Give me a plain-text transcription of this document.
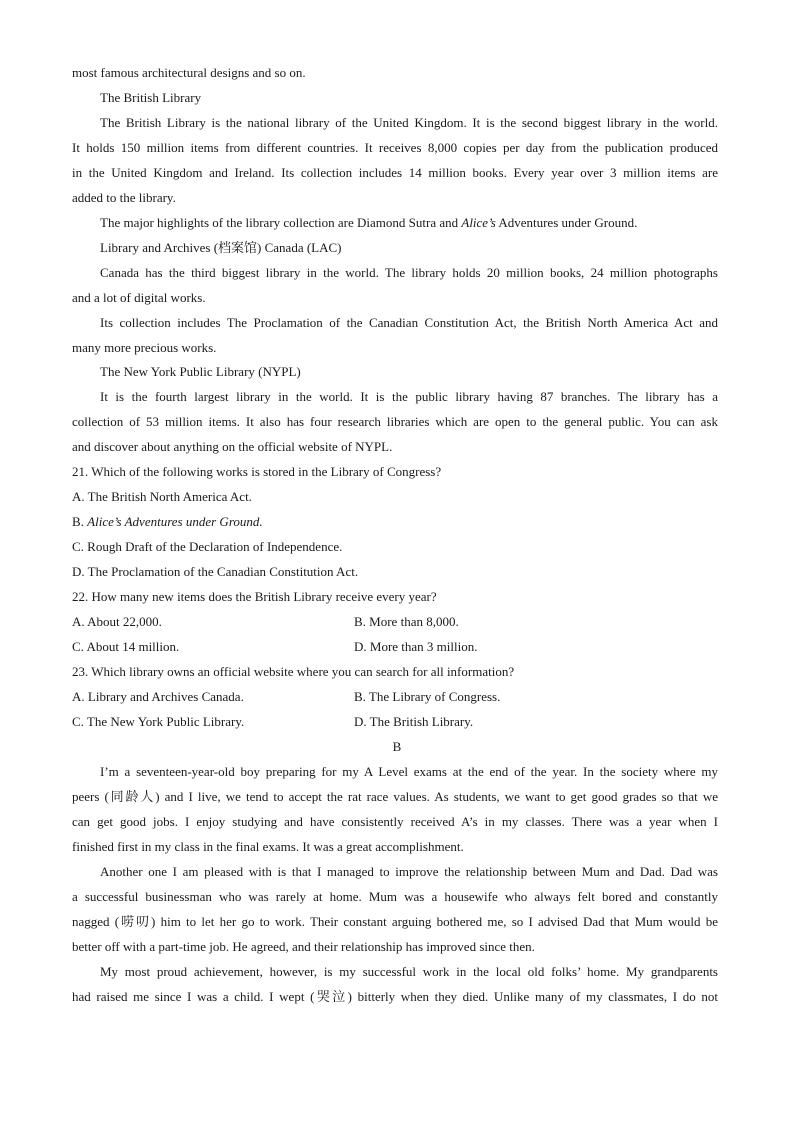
most famous architectural designs and so on.
The British Library
The British Library is the national library of the United Kingdom. It is the second biggest library in the world.
It holds 150 million items from different countries. It receives 8,000 copies per day from the publication produced
in the United Kingdom and Ireland. Its collection includes 14 million books. Every year over 3 million items are
added to the library.
The major highlights of the library collection are Diamond Sutra and Alice’s Adventures under Ground.
Library and Archives (档案馆) Canada (LAC)
Canada has the third biggest library in the world. The library holds 20 million books, 24 million photographs
and a lot of digital works.
Its collection includes The Proclamation of the Canadian Constitution Act, the British North America Act and
many more precious works.
The New York Public Library (NYPL)
It is the fourth largest library in the world. It is the public library having 87 branches. The library has a
collection of 53 million items. It also has four research libraries which are open to the general public. You can ask
and discover about anything on the official website of NYPL.
21. Which of the following works is stored in the Library of Congress?
A. The British North America Act.
B. Alice’s Adventures under Ground.
C. Rough Draft of the Declaration of Independence.
D. The Proclamation of the Canadian Constitution Act.
22. How many new items does the British Library receive every year?
A. About 22,000.	B. More than 8,000.
C. About 14 million.	D. More than 3 million.
23. Which library owns an official website where you can search for all information?
A. Library and Archives Canada.	B. The Library of Congress.
C. The New York Public Library.	D. The British Library.
B
I’m a seventeen-year-old boy preparing for my A Level exams at the end of the year. In the society where my
peers (同龄人) and I live, we tend to accept the rat race values. As students, we want to get good grades so that we
can get good jobs. I enjoy studying and have consistently received A’s in my classes. There was a year when I
finished first in my class in the final exams. It was a great accomplishment.
Another one I am pleased with is that I managed to improve the relationship between Mum and Dad. Dad was
a successful businessman who was rarely at home. Mum was a housewife who always felt bored and constantly
nagged (唠叨) him to let her go to work. Their constant arguing bothered me, so I advised Dad that Mum would be
better off with a part-time job. He agreed, and their relationship has improved since then.
My most proud achievement, however, is my successful work in the local old folks’ home. My grandparents
had raised me since I was a child. I wept (哭泣) bitterly when they died. Unlike many of my classmates, I do not
